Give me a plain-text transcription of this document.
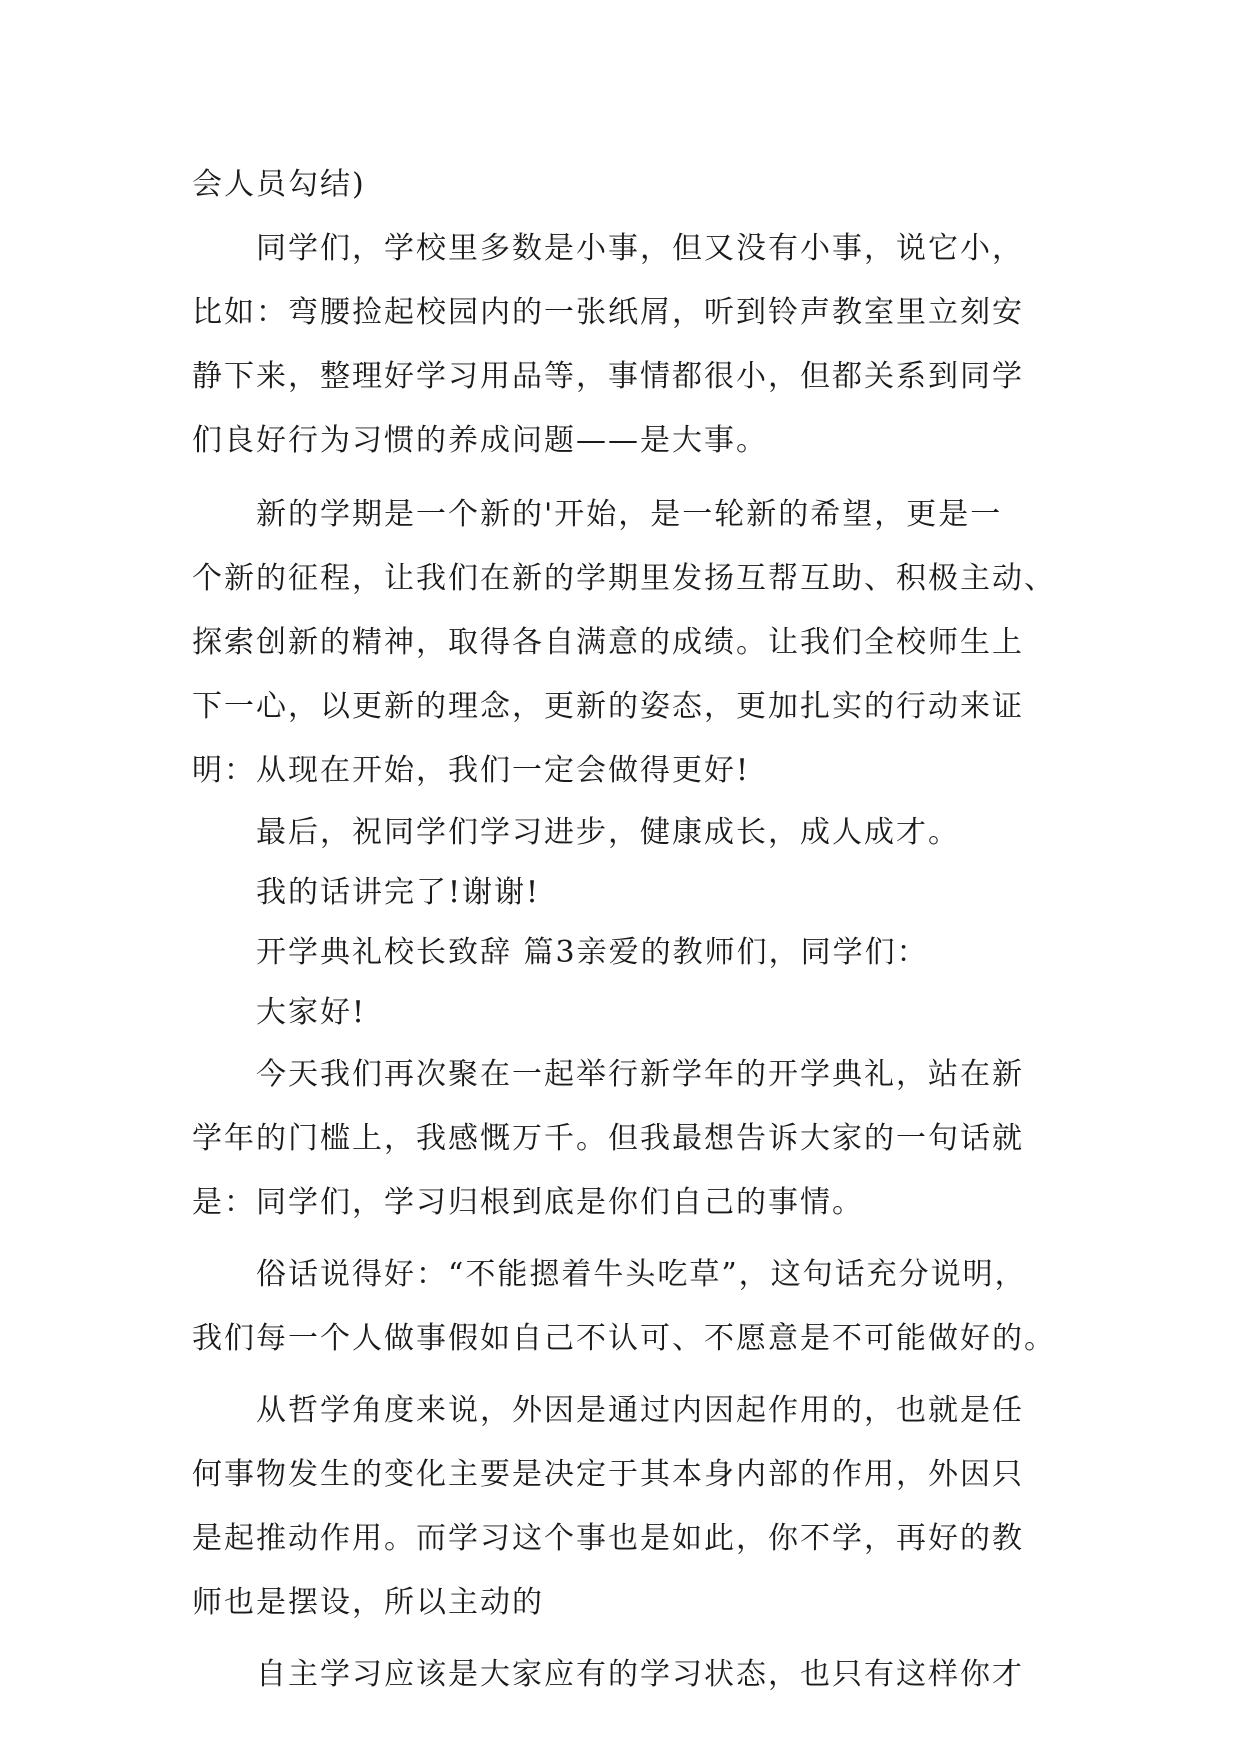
会人员勾结)
同学们，学校里多数是小事，但又没有小事，说它小，
比如：弯腰捡起校园内的一张纸屑，听到铃声教室里立刻安
静下来，整理好学习用品等，事情都很小，但都关系到同学
们良好行为习惯的养成问题——是大事。
新的学期是一个新的'开始，是一轮新的希望，更是一
个新的征程，让我们在新的学期里发扬互帮互助、积极主动、
探索创新的精神，取得各自满意的成绩。让我们全校师生上
下一心，以更新的理念，更新的姿态，更加扎实的行动来证
明：从现在开始，我们一定会做得更好!
最后，祝同学们学习进步，健康成长，成人成才。
我的话讲完了!谢谢!
开学典礼校长致辞 篇3亲爱的教师们，同学们：
大家好!
今天我们再次聚在一起举行新学年的开学典礼，站在新
学年的门槛上，我感慨万千。但我最想告诉大家的一句话就
是：同学们，学习归根到底是你们自己的事情。
俗话说得好：“不能摁着牛头吃草”，这句话充分说明，
我们每一个人做事假如自己不认可、不愿意是不可能做好的。
从哲学角度来说，外因是通过内因起作用的，也就是任
何事物发生的变化主要是决定于其本身内部的作用，外因只
是起推动作用。而学习这个事也是如此，你不学，再好的教
师也是摆设，所以主动的
自主学习应该是大家应有的学习状态，也只有这样你才
